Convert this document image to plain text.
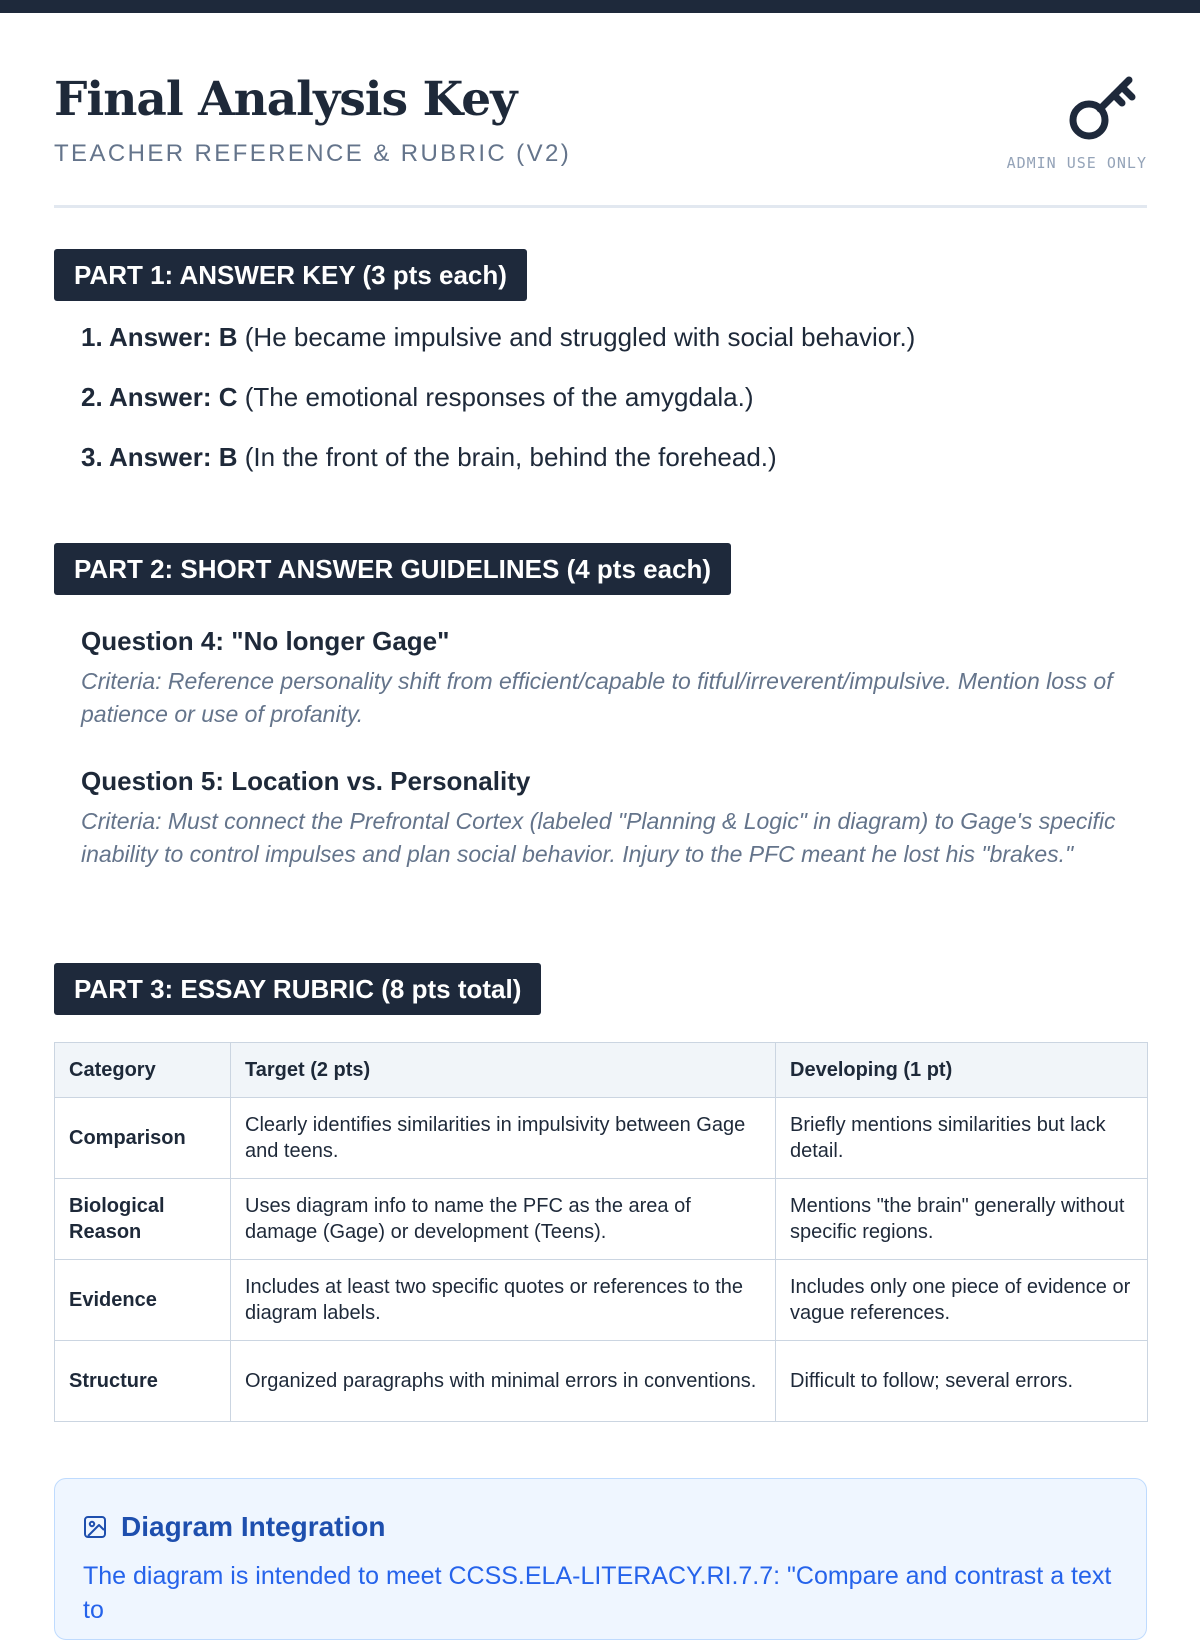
Final Analysis Key
TEACHER REFERENCE & RUBRIC (V2)	ADMIN USE ONLY
PART 1: ANSWER KEY (3 pts each)
1. Answer: B (He became impulsive and struggled with social behavior.)
2. Answer: C (The emotional responses of the amygdala.)
3. Answer: B (In the front of the brain, behind the forehead.)
PART 2: SHORT ANSWER GUIDELINES (4 pts each)
Question 4: "No longer Gage"
Criteria: Reference personality shift from efficient/capable to fitful/irreverent/impulsive. Mention loss of patience or use of profanity.
Question 5: Location vs. Personality
Criteria: Must connect the Prefrontal Cortex (labeled "Planning & Logic" in diagram) to Gage's specific inability to control impulses and plan social behavior. Injury to the PFC meant he lost his "brakes."
PART 3: ESSAY RUBRIC (8 pts total)
Category	Target (2 pts)	Developing (1 pt)
Comparison	Clearly identifies similarities in impulsivity between Gage and teens.	Briefly mentions similarities but lack detail.
Biological Reason	Uses diagram info to name the PFC as the area of damage (Gage) or development (Teens).	Mentions "the brain" generally without specific regions.
Evidence	Includes at least two specific quotes or references to the diagram labels.	Includes only one piece of evidence or vague references.
Structure	Organized paragraphs with minimal errors in conventions.	Difficult to follow; several errors.
Diagram Integration
The diagram is intended to meet CCSS.ELA-LITERACY.RI.7.7: "Compare and contrast a text to
